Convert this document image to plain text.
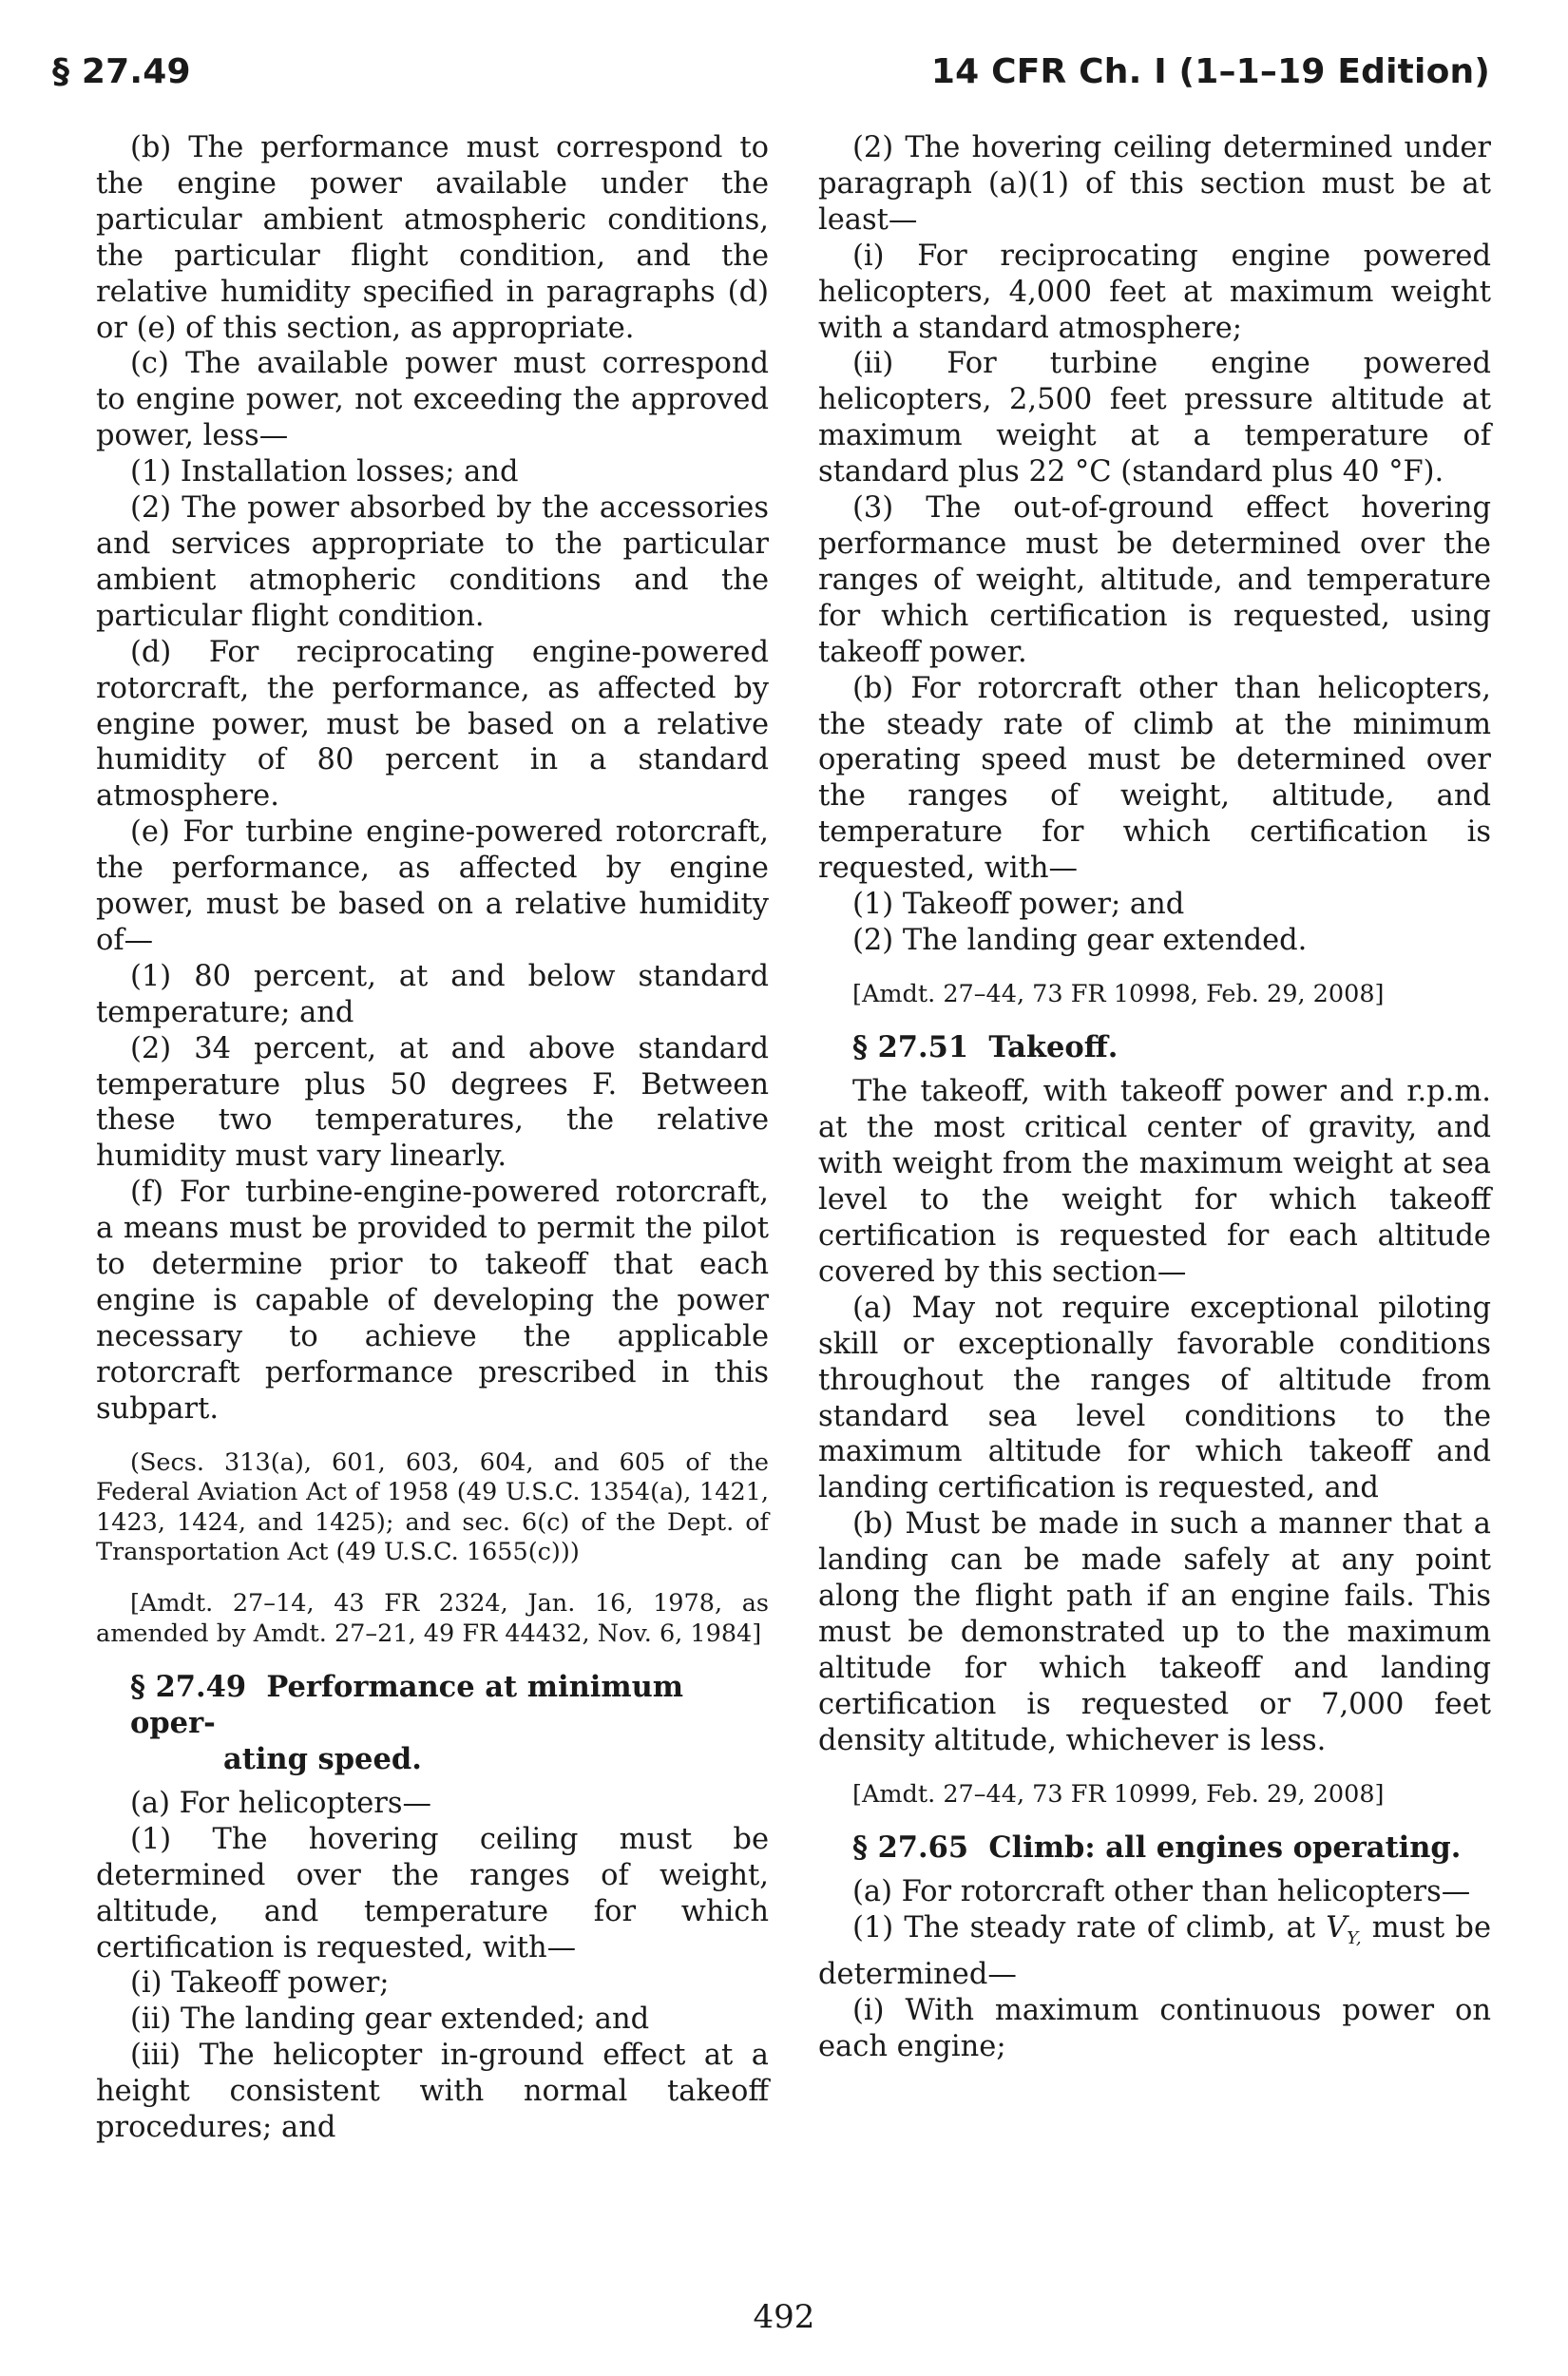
§ 27.49	14 CFR Ch. I (1–1–19 Edition)

(b) The performance must correspond to the engine power available under the particular ambient atmospheric conditions, the particular flight condition, and the relative humidity specified in paragraphs (d) or (e) of this section, as appropriate.

(c) The available power must correspond to engine power, not exceeding the approved power, less—

(1) Installation losses; and

(2) The power absorbed by the accessories and services appropriate to the particular ambient atmopheric conditions and the particular flight condition.

(d) For reciprocating engine-powered rotorcraft, the performance, as affected by engine power, must be based on a relative humidity of 80 percent in a standard atmosphere.

(e) For turbine engine-powered rotorcraft, the performance, as affected by engine power, must be based on a relative humidity of—

(1) 80 percent, at and below standard temperature; and

(2) 34 percent, at and above standard temperature plus 50 degrees F. Between these two temperatures, the relative humidity must vary linearly.

(f) For turbine-engine-powered rotorcraft, a means must be provided to permit the pilot to determine prior to takeoff that each engine is capable of developing the power necessary to achieve the applicable rotorcraft performance prescribed in this subpart.

(Secs. 313(a), 601, 603, 604, and 605 of the Federal Aviation Act of 1958 (49 U.S.C. 1354(a), 1421, 1423, 1424, and 1425); and sec. 6(c) of the Dept. of Transportation Act (49 U.S.C. 1655(c)))

[Amdt. 27–14, 43 FR 2324, Jan. 16, 1978, as amended by Amdt. 27–21, 49 FR 44432, Nov. 6, 1984]

§ 27.49 Performance at minimum oper-
ating speed.

(a) For helicopters—

(1) The hovering ceiling must be determined over the ranges of weight, altitude, and temperature for which certification is requested, with—

(i) Takeoff power;

(ii) The landing gear extended; and

(iii) The helicopter in-ground effect at a height consistent with normal takeoff procedures; and

(2) The hovering ceiling determined under paragraph (a)(1) of this section must be at least—

(i) For reciprocating engine powered helicopters, 4,000 feet at maximum weight with a standard atmosphere;

(ii) For turbine engine powered helicopters, 2,500 feet pressure altitude at maximum weight at a temperature of standard plus 22 °C (standard plus 40 °F).

(3) The out-of-ground effect hovering performance must be determined over the ranges of weight, altitude, and temperature for which certification is requested, using takeoff power.

(b) For rotorcraft other than helicopters, the steady rate of climb at the minimum operating speed must be determined over the ranges of weight, altitude, and temperature for which certification is requested, with—

(1) Takeoff power; and

(2) The landing gear extended.

[Amdt. 27–44, 73 FR 10998, Feb. 29, 2008]

§ 27.51 Takeoff.

The takeoff, with takeoff power and r.p.m. at the most critical center of gravity, and with weight from the maximum weight at sea level to the weight for which takeoff certification is requested for each altitude covered by this section—

(a) May not require exceptional piloting skill or exceptionally favorable conditions throughout the ranges of altitude from standard sea level conditions to the maximum altitude for which takeoff and landing certification is requested, and

(b) Must be made in such a manner that a landing can be made safely at any point along the flight path if an engine fails. This must be demonstrated up to the maximum altitude for which takeoff and landing certification is requested or 7,000 feet density altitude, whichever is less.

[Amdt. 27–44, 73 FR 10999, Feb. 29, 2008]

§ 27.65 Climb: all engines operating.

(a) For rotorcraft other than helicopters—

(1) The steady rate of climb, at $V_{Y,}$ must be determined—

(i) With maximum continuous power on each engine;

492
